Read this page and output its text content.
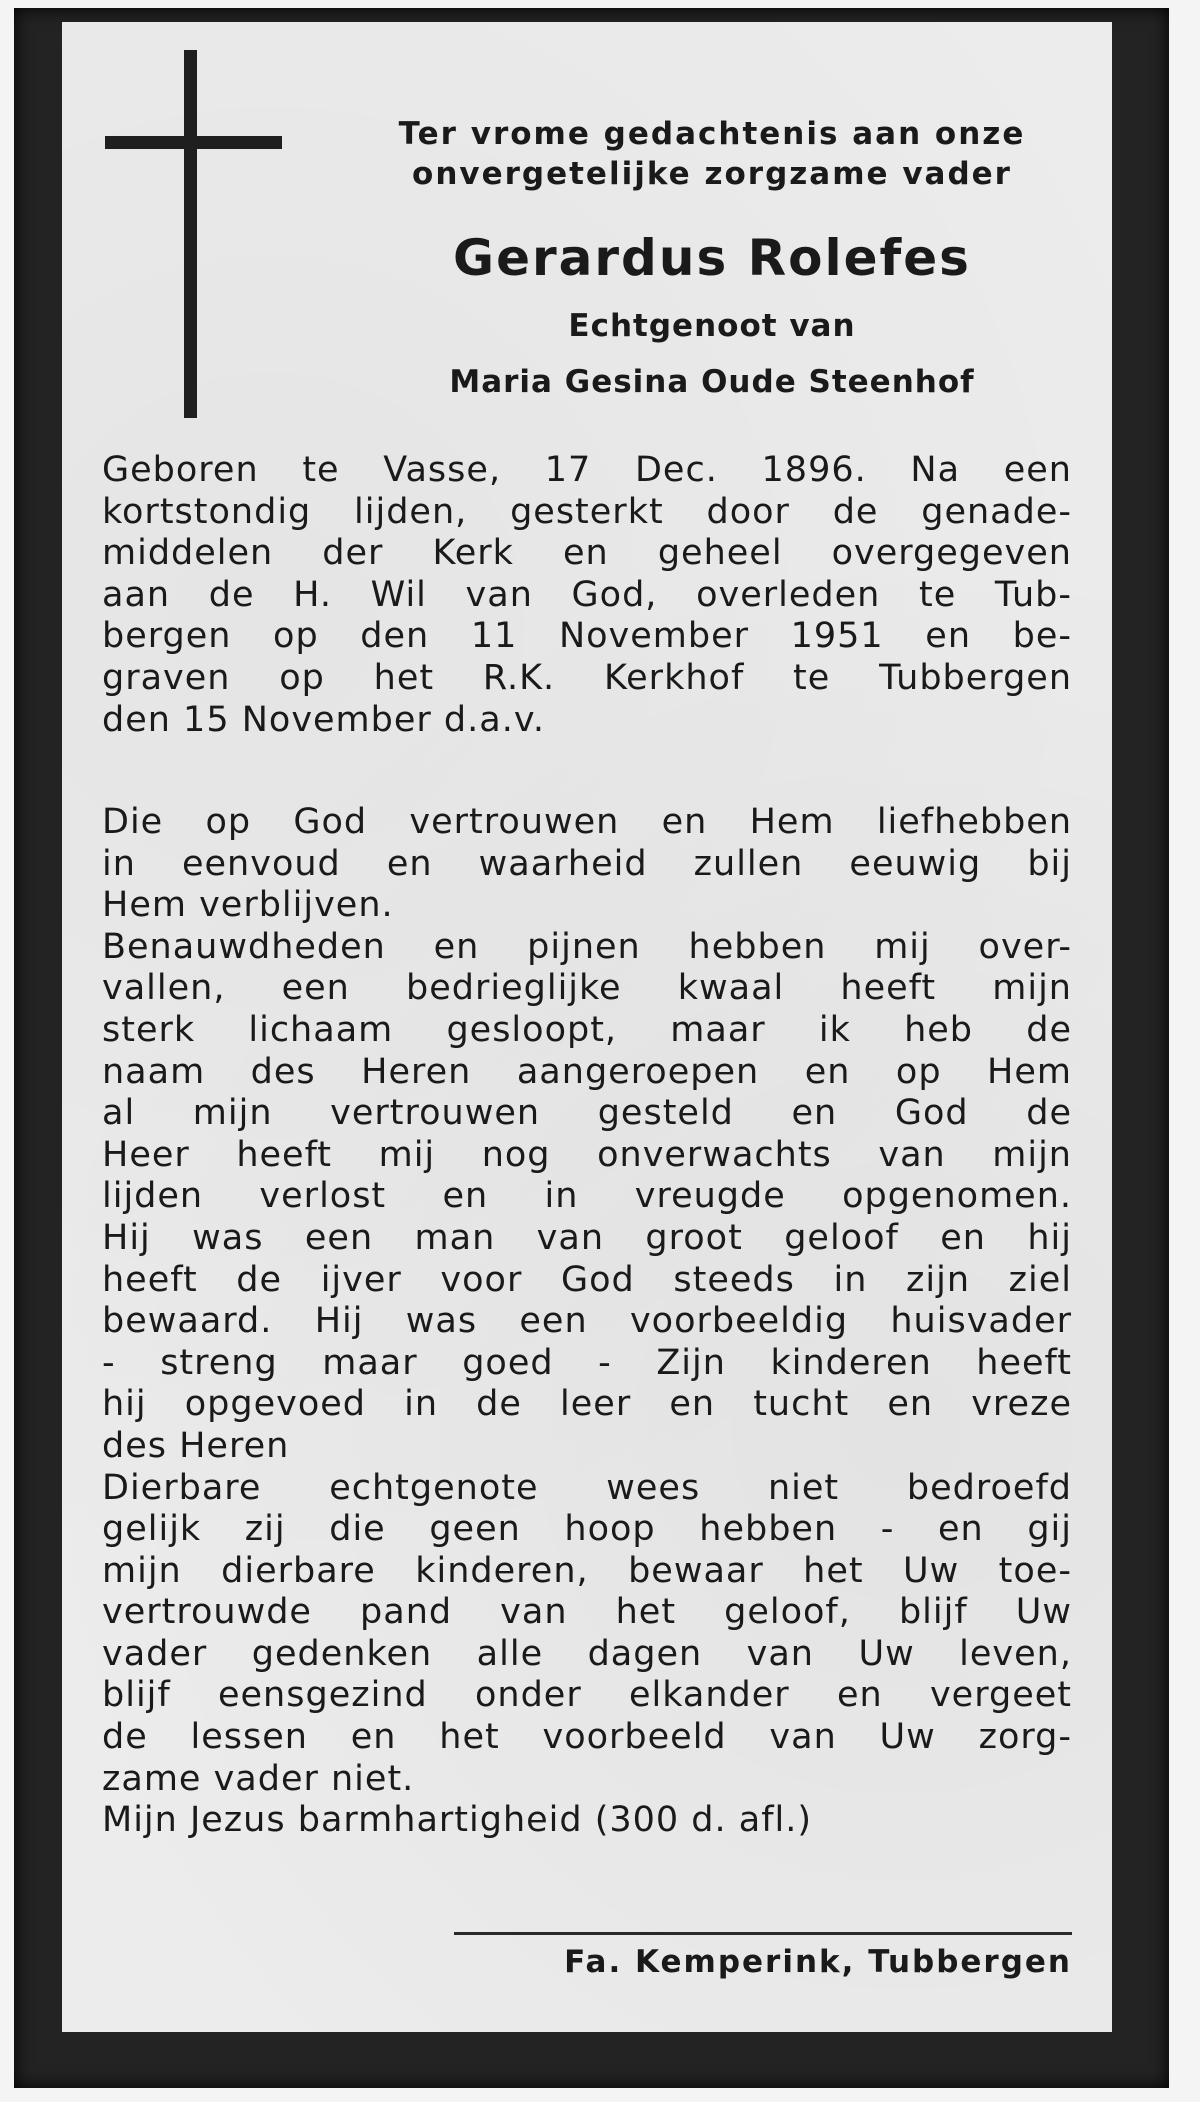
Ter vrome gedachtenis aan onze
onvergetelijke zorgzame vader
Gerardus Rolefes
Echtgenoot van
Maria Gesina Oude Steenhof
Geboren te Vasse, 17 Dec. 1896. Na een
kortstondig lijden, gesterkt door de genade-
middelen der Kerk en geheel overgegeven
aan de H. Wil van God, overleden te Tub-
bergen op den 11 November 1951 en be-
graven op het R.K. Kerkhof te Tubbergen
den 15 November d.a.v.
Die op God vertrouwen en Hem liefhebben
in eenvoud en waarheid zullen eeuwig bij
Hem verblijven.
Benauwdheden en pijnen hebben mij over-
vallen, een bedrieglijke kwaal heeft mijn
sterk lichaam gesloopt, maar ik heb de
naam des Heren aangeroepen en op Hem
al mijn vertrouwen gesteld en God de
Heer heeft mij nog onverwachts van mijn
lijden verlost en in vreugde opgenomen.
Hij was een man van groot geloof en hij
heeft de ijver voor God steeds in zijn ziel
bewaard. Hij was een voorbeeldig huisvader
- streng maar goed - Zijn kinderen heeft
hij opgevoed in de leer en tucht en vreze
des Heren
Dierbare echtgenote wees niet bedroefd
gelijk zij die geen hoop hebben - en gij
mijn dierbare kinderen, bewaar het Uw toe-
vertrouwde pand van het geloof, blijf Uw
vader gedenken alle dagen van Uw leven,
blijf eensgezind onder elkander en vergeet
de lessen en het voorbeeld van Uw zorg-
zame vader niet.
Mijn Jezus barmhartigheid (300 d. afl.)
Fa. Kemperink, Tubbergen
